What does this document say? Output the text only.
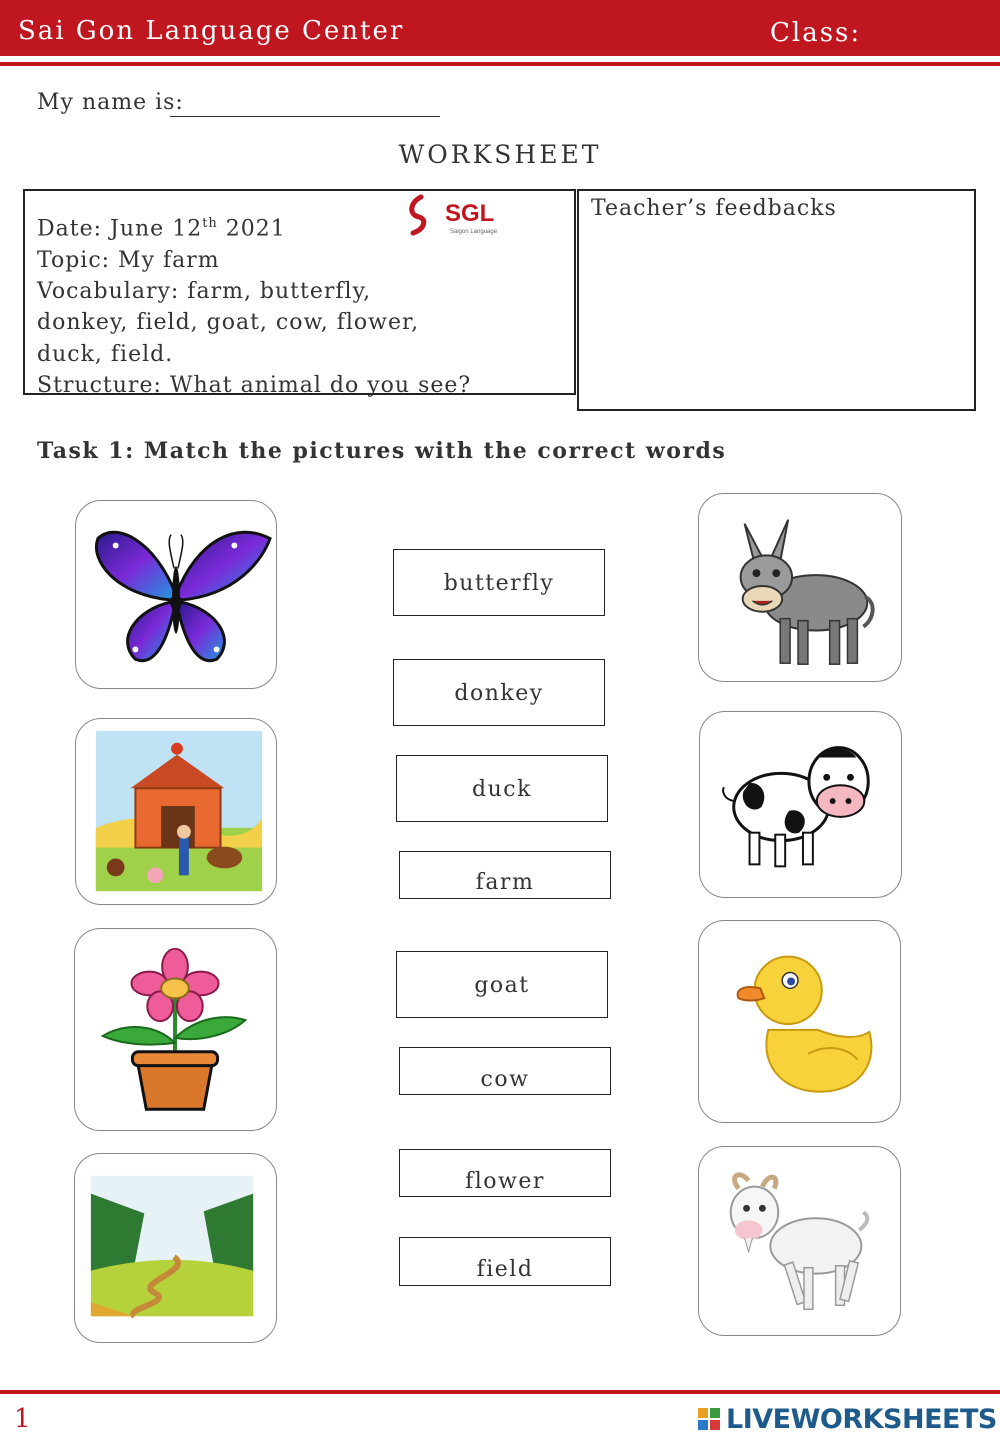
Sai Gon Language Center	Class:
My name is:
WORKSHEET
Date: June 12th 2021
Topic: My farm
Vocabulary: farm, butterfly,
donkey, field, goat, cow, flower,
duck, field.
Structure: What animal do you see?
SGL
Saigon Language
Teacher’s feedbacks
Task 1: Match the pictures with the correct words
butterfly
donkey
duck
farm
goat
cow
flower
field
1	LIVEWORKSHEETS
